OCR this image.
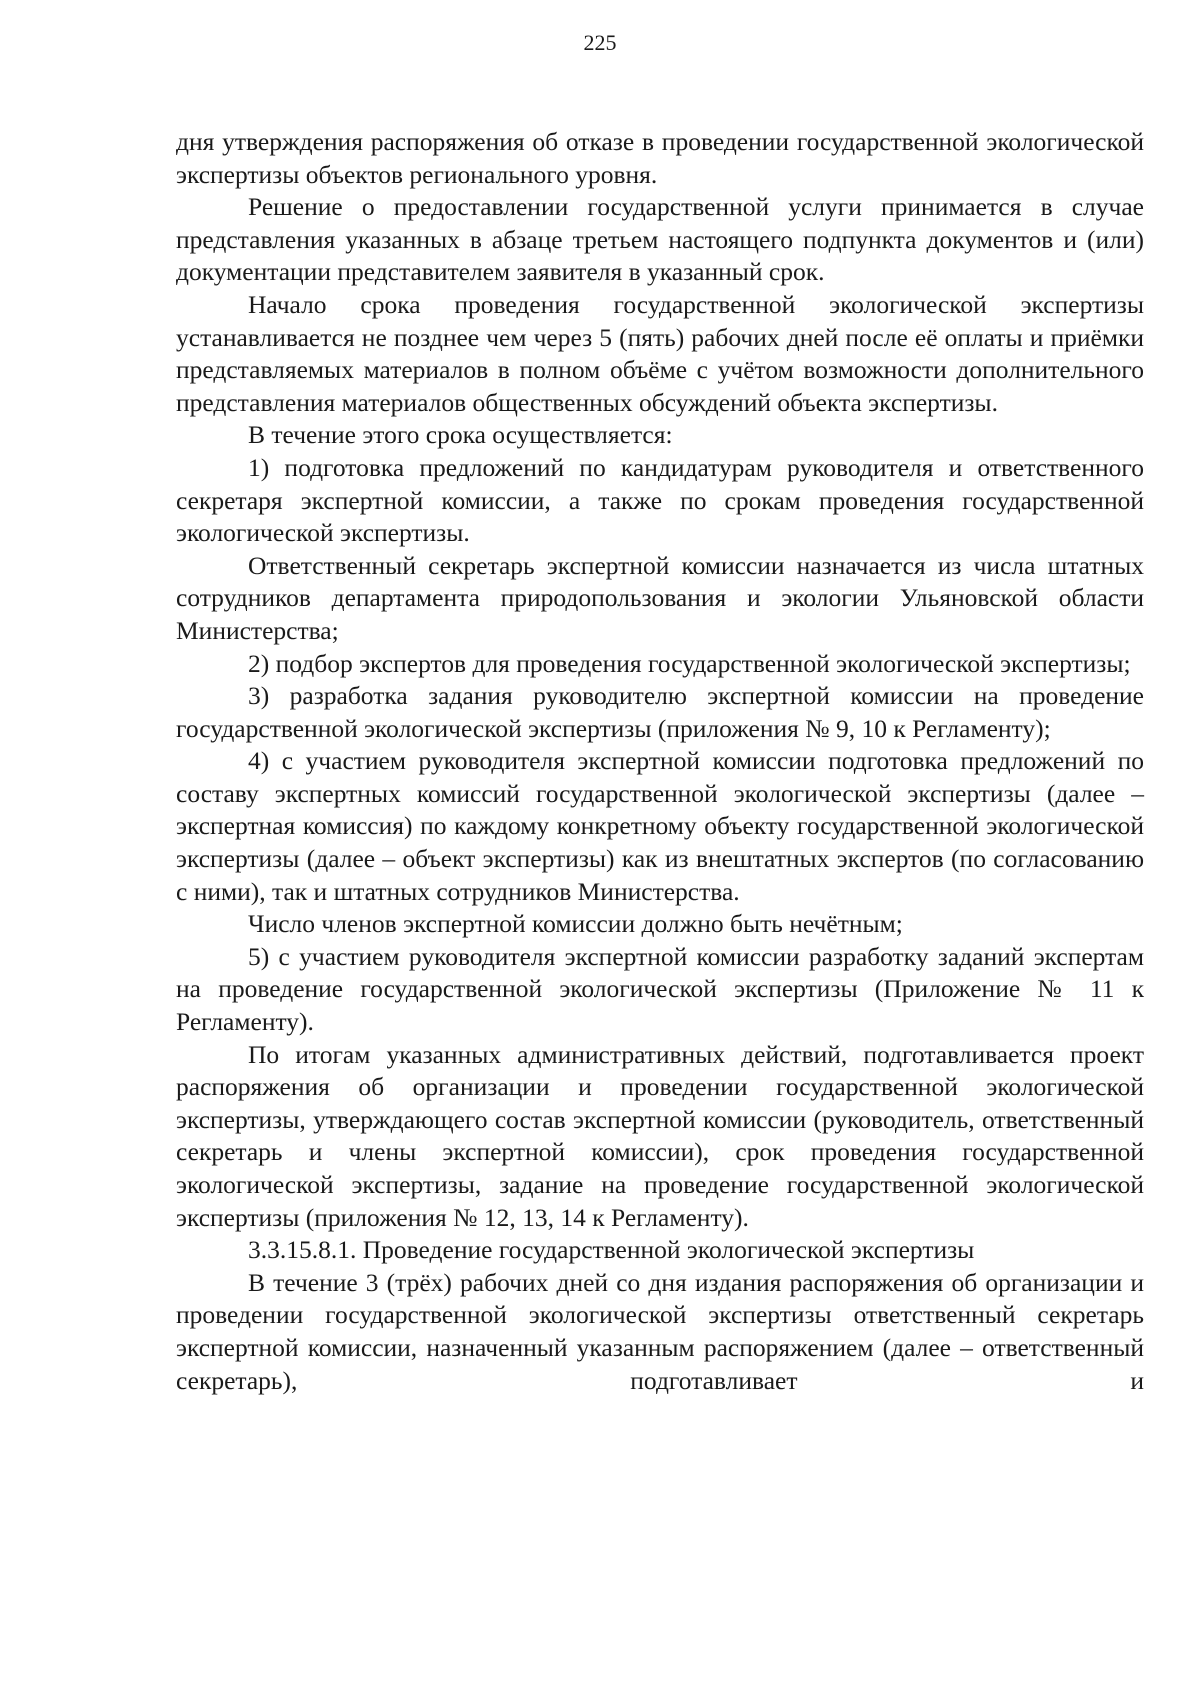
225

дня утверждения распоряжения об отказе в проведении государственной экологической экспертизы объектов регионального уровня.

Решение о предоставлении государственной услуги принимается в случае представления указанных в абзаце третьем настоящего подпункта документов и (или) документации представителем заявителя в указанный срок.

Начало срока проведения государственной экологической экспертизы устанавливается не позднее чем через 5 (пять) рабочих дней после её оплаты и приёмки представляемых материалов в полном объёме с учётом возможности дополнительного представления материалов общественных обсуждений объекта экспертизы.

В течение этого срока осуществляется:

1) подготовка предложений по кандидатурам руководителя и ответственного секретаря экспертной комиссии, а также по срокам проведения государственной экологической экспертизы.

Ответственный секретарь экспертной комиссии назначается из числа штатных сотрудников департамента природопользования и экологии Ульяновской области Министерства;

2) подбор экспертов для проведения государственной экологической экспертизы;

3) разработка задания руководителю экспертной комиссии на проведение государственной экологической экспертизы (приложения № 9, 10 к Регламенту);

4) с участием руководителя экспертной комиссии подготовка предложений по составу экспертных комиссий государственной экологической экспертизы (далее – экспертная комиссия) по каждому конкретному объекту государственной экологической экспертизы (далее – объект экспертизы) как из внештатных экспертов (по согласованию с ними), так и штатных сотрудников Министерства.

Число членов экспертной комиссии должно быть нечётным;

5) с участием руководителя экспертной комиссии разработку заданий экспертам на проведение государственной экологической экспертизы (Приложение № 11 к Регламенту).

По итогам указанных административных действий, подготавливается проект распоряжения об организации и проведении государственной экологической экспертизы, утверждающего состав экспертной комиссии (руководитель, ответственный секретарь и члены экспертной комиссии), срок проведения государственной экологической экспертизы, задание на проведение государственной экологической экспертизы (приложения № 12, 13, 14 к Регламенту).

3.3.15.8.1. Проведение государственной экологической экспертизы

В течение 3 (трёх) рабочих дней со дня издания распоряжения об организации и проведении государственной экологической экспертизы ответственный секретарь экспертной комиссии, назначенный указанным распоряжением (далее – ответственный секретарь), подготавливает и
